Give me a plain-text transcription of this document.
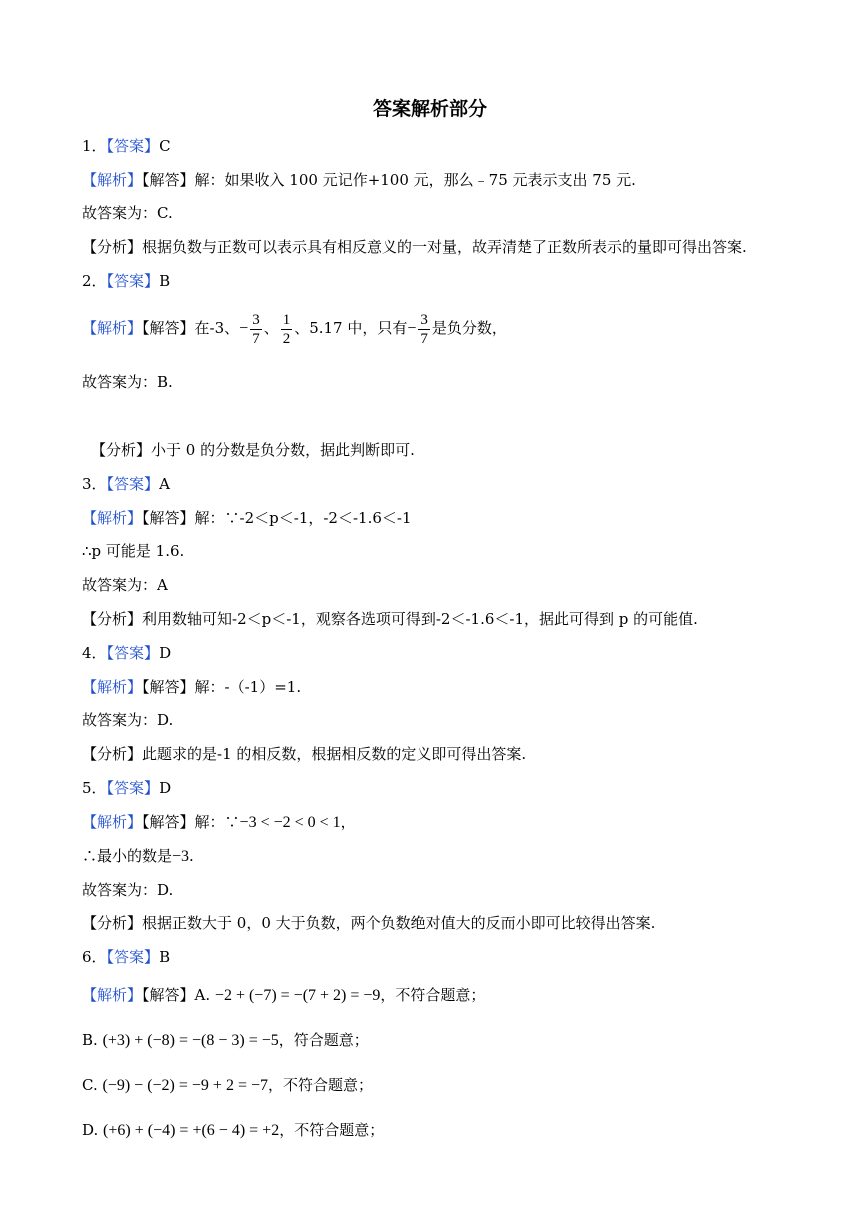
答案解析部分
1．【答案】C
【解析】【解答】解：如果收入 100 元记作+100 元，那么﹣75 元表示支出 75 元.
故答案为：C.
【分析】根据负数与正数可以表示具有相反意义的一对量，故弄清楚了正数所表示的量即可得出答案.
2．【答案】B
【解析】【解答】在-3、− $\frac{3}{7}$ 、 $\frac{1}{2}$ 、5.17 中，只有− $\frac{3}{7}$ 是负分数，
故答案为：B.
【分析】小于 0 的分数是负分数，据此判断即可.
3．【答案】A
【解析】【解答】解：∵-2＜p＜-1，-2＜-1.6＜-1
∴p 可能是 1.6.
故答案为：A
【分析】利用数轴可知-2＜p＜-1，观察各选项可得到-2＜-1.6＜-1，据此可得到 p 的可能值.
4．【答案】D
【解析】【解答】解：-（-1）=1.
故答案为：D.
【分析】此题求的是-1 的相反数，根据相反数的定义即可得出答案.
5．【答案】D
【解析】【解答】解：∵−3 < −2 < 0 < 1，
∴最小的数是−3.
故答案为：D.
【分析】根据正数大于 0，0 大于负数，两个负数绝对值大的反而小即可比较得出答案.
6．【答案】B
【解析】【解答】A. −2 + (−7) = −(7 + 2) = −9，不符合题意；
B. (+3) + (−8) = −(8 − 3) = −5，符合题意；
C. (−9) − (−2) = −9 + 2 = −7，不符合题意；
D. (+6) + (−4) = +(6 − 4) = +2，不符合题意；
